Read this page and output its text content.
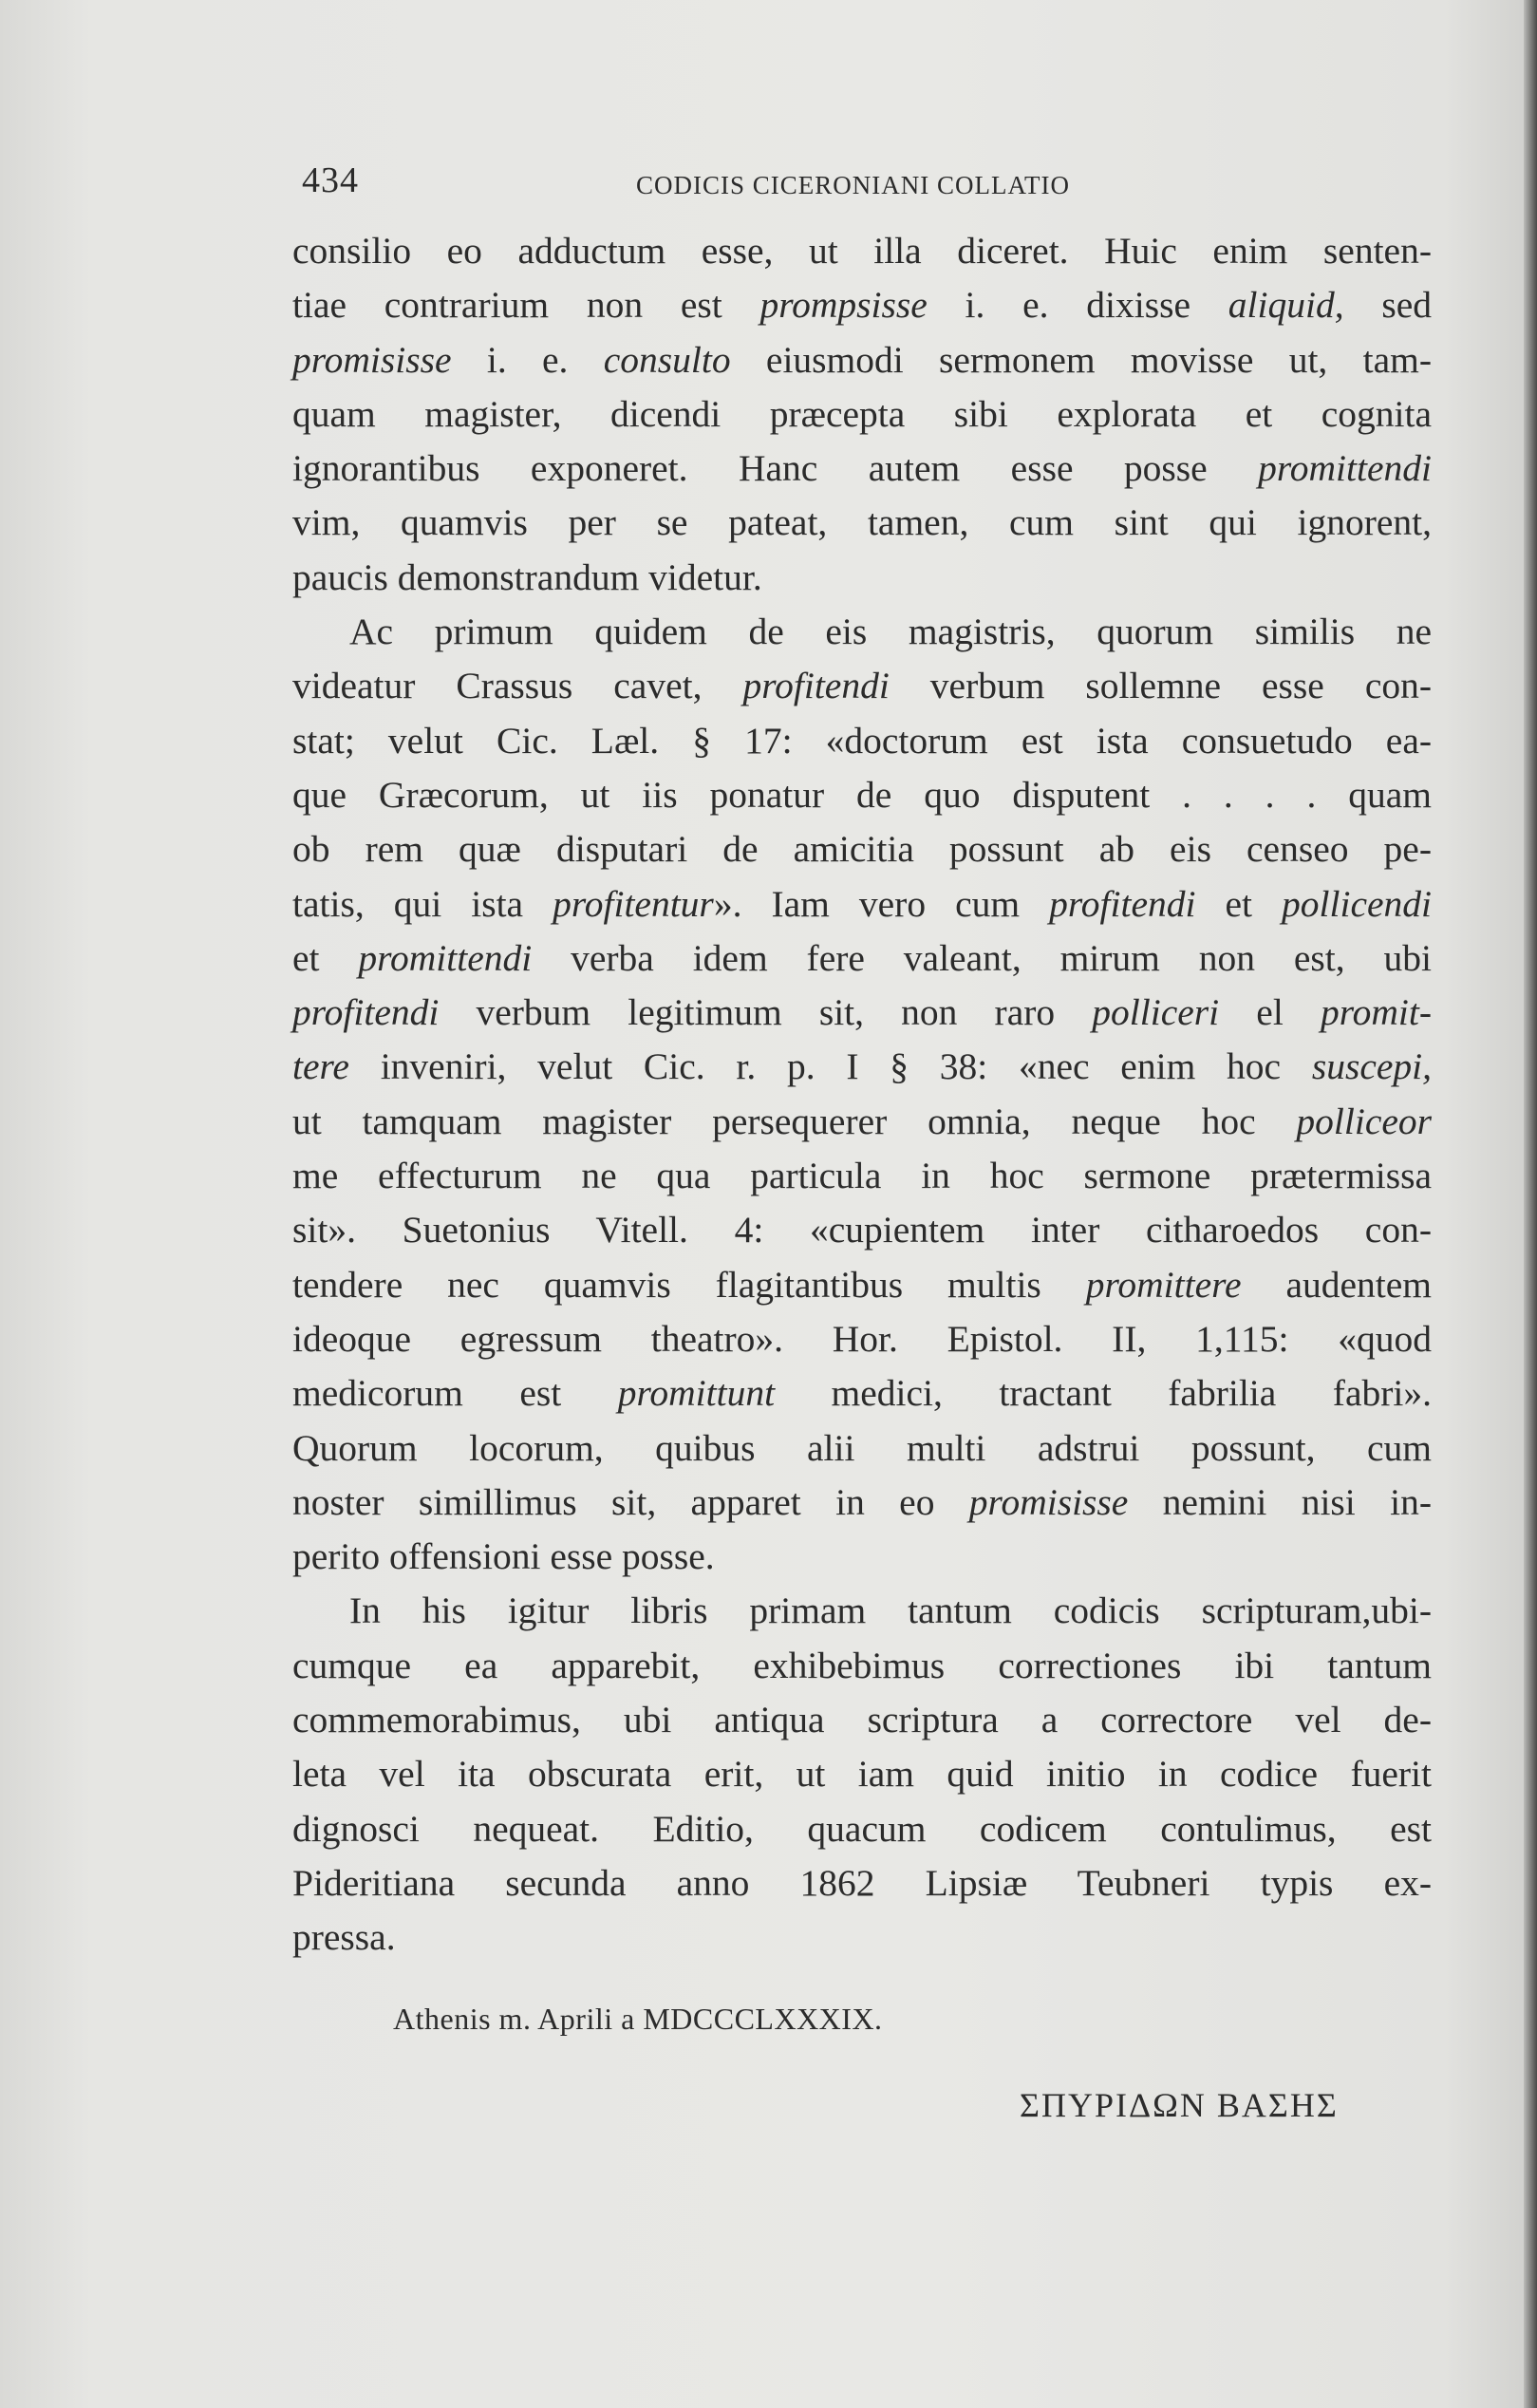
434	CODICIS CICERONIANI COLLATIO
consilio eo adductum esse, ut illa diceret. Huic enim senten-
tiae contrarium non est prompsisse i. e. dixisse aliquid, sed
promisisse i. e. consulto eiusmodi sermonem movisse ut, tam-
quam magister, dicendi præcepta sibi explorata et cognita
ignorantibus exponeret. Hanc autem esse posse promittendi
vim, quamvis per se pateat, tamen, cum sint qui ignorent,
paucis demonstrandum videtur.
Ac primum quidem de eis magistris, quorum similis ne
videatur Crassus cavet, profitendi verbum sollemne esse con-
stat; velut Cic. Læl. § 17: «doctorum est ista consuetudo ea-
que Græcorum, ut iis ponatur de quo disputent . . . . quam
ob rem quæ disputari de amicitia possunt ab eis censeo pe-
tatis, qui ista profitentur». Iam vero cum profitendi et pollicendi
et promittendi verba idem fere valeant, mirum non est, ubi
profitendi verbum legitimum sit, non raro polliceri el promit-
tere inveniri, velut Cic. r. p. I § 38: «nec enim hoc suscepi,
ut tamquam magister persequerer omnia, neque hoc polliceor
me effecturum ne qua particula in hoc sermone prætermissa
sit». Suetonius Vitell. 4: «cupientem inter citharoedos con-
tendere nec quamvis flagitantibus multis promittere audentem
ideoque egressum theatro». Hor. Epistol. II, 1,115: «quod
medicorum est promittunt medici, tractant fabrilia fabri».
Quorum locorum, quibus alii multi adstrui possunt, cum
noster simillimus sit, apparet in eo promisisse nemini nisi in-
perito offensioni esse posse.
In his igitur libris primam tantum codicis scripturam,ubi-
cumque ea apparebit, exhibebimus correctiones ibi tantum
commemorabimus, ubi antiqua scriptura a correctore vel de-
leta vel ita obscurata erit, ut iam quid initio in codice fuerit
dignosci nequeat. Editio, quacum codicem contulimus, est
Pideritiana secunda anno 1862 Lipsiæ Teubneri typis ex-
pressa.
Athenis m. Aprili a MDCCCLXXXIX.
ΣΠΥΡΙΔΩΝ ΒΑΣΗΣ
